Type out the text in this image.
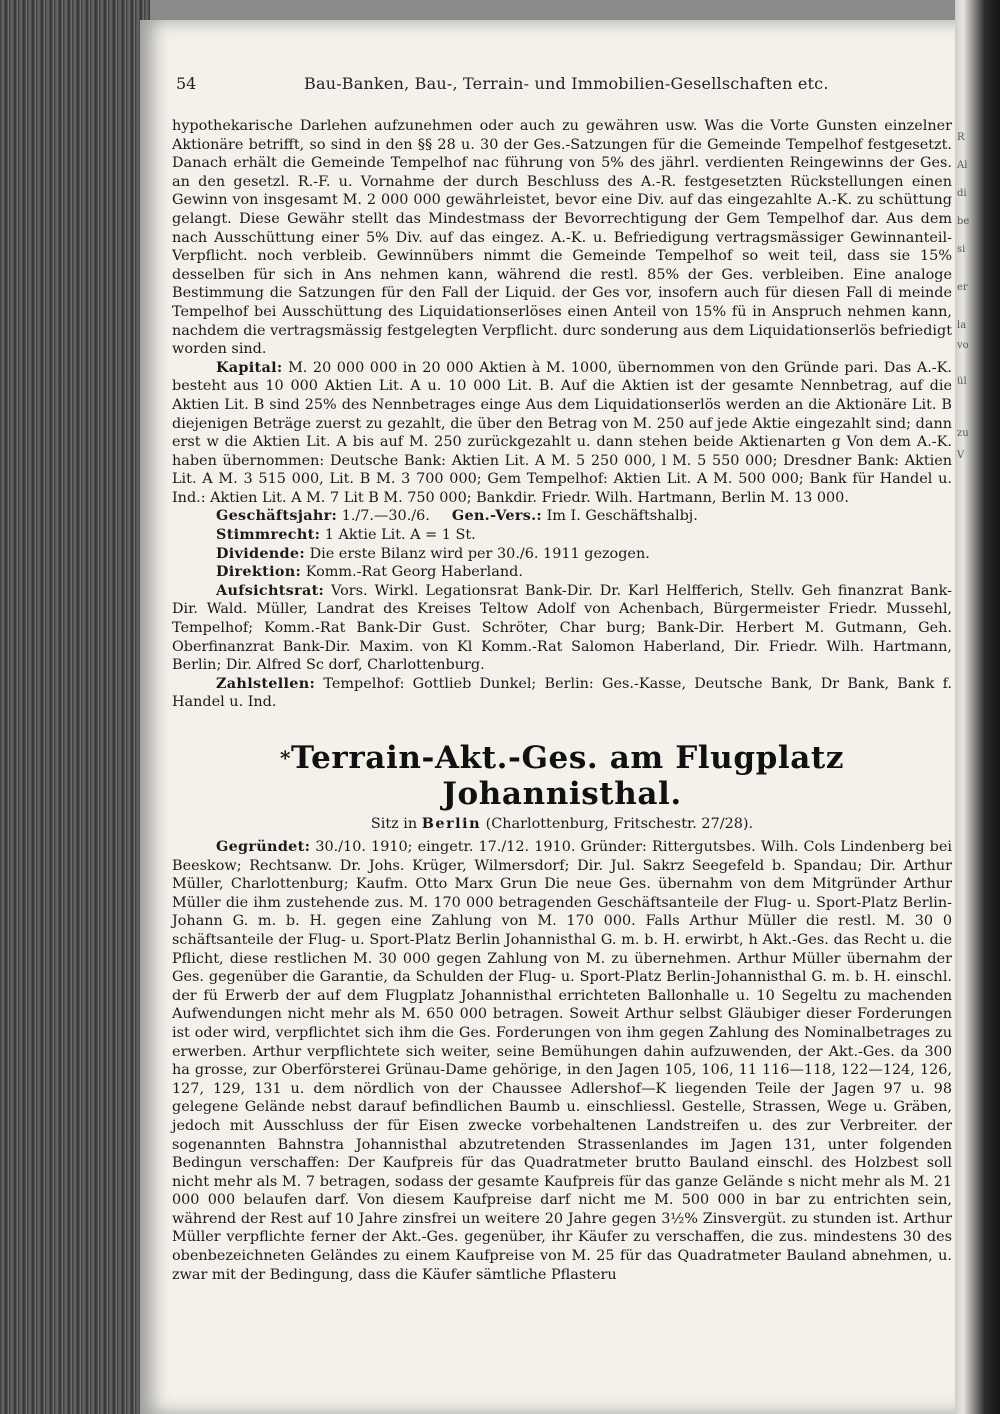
R
Al
di
be
si
er
la
vo
ül
zu
V
54	Bau-Banken, Bau-, Terrain- und Immobilien-Gesellschaften etc.

hypothekarische Darlehen aufzunehmen oder auch zu gewähren usw. Was die Vorte Gunsten einzelner Aktionäre betrifft, so sind in den §§ 28 u. 30 der Ges.-Satzungen für die Gemeinde Tempelhof festgesetzt. Danach erhält die Gemeinde Tempelhof nac führung von 5% des jährl. verdienten Reingewinns der Ges. an den gesetzl. R.-F. u. Vornahme der durch Beschluss des A.-R. festgesetzten Rückstellungen einen Gewinn von insgesamt M. 2 000 000 gewährleistet, bevor eine Div. auf das eingezahlte A.-K. zu schüttung gelangt. Diese Gewähr stellt das Mindestmass der Bevorrechtigung der Gem Tempelhof dar. Aus dem nach Ausschüttung einer 5% Div. auf das eingez. A.-K. u. Befriedigung vertragsmässiger Gewinnanteil-Verpflicht. noch verbleib. Gewinnübers nimmt die Gemeinde Tempelhof so weit teil, dass sie 15% desselben für sich in Ans nehmen kann, während die restl. 85% der Ges. verbleiben. Eine analoge Bestimmung die Satzungen für den Fall der Liquid. der Ges vor, insofern auch für diesen Fall di meinde Tempelhof bei Ausschüttung des Liquidationserlöses einen Anteil von 15% fü in Anspruch nehmen kann, nachdem die vertragsmässig festgelegten Verpflicht. durc sonderung aus dem Liquidationserlös befriedigt worden sind.

Kapital: M. 20 000 000 in 20 000 Aktien à M. 1000, übernommen von den Gründe pari. Das A.-K. besteht aus 10 000 Aktien Lit. A u. 10 000 Lit. B. Auf die Aktien ist der gesamte Nennbetrag, auf die Aktien Lit. B sind 25% des Nennbetrages einge Aus dem Liquidationserlös werden an die Aktionäre Lit. B diejenigen Beträge zuerst zu gezahlt, die über den Betrag von M. 250 auf jede Aktie eingezahlt sind; dann erst w die Aktien Lit. A bis auf M. 250 zurückgezahlt u. dann stehen beide Aktienarten g Von dem A.-K. haben übernommen: Deutsche Bank: Aktien Lit. A M. 5 250 000, l M. 5 550 000; Dresdner Bank: Aktien Lit. A M. 3 515 000, Lit. B M. 3 700 000; Gem Tempelhof: Aktien Lit. A M. 500 000; Bank für Handel u. Ind.: Aktien Lit. A M. 7 Lit B M. 750 000; Bankdir. Friedr. Wilh. Hartmann, Berlin M. 13 000.

Geschäftsjahr: 1./7.—30./6. Gen.-Vers.: Im I. Geschäftshalbj.

Stimmrecht: 1 Aktie Lit. A = 1 St.

Dividende: Die erste Bilanz wird per 30./6. 1911 gezogen.

Direktion: Komm.-Rat Georg Haberland.

Aufsichtsrat: Vors. Wirkl. Legationsrat Bank-Dir. Dr. Karl Helfferich, Stellv. Geh finanzrat Bank-Dir. Wald. Müller, Landrat des Kreises Teltow Adolf von Achenbach, Bürgermeister Friedr. Mussehl, Tempelhof; Komm.-Rat Bank-Dir Gust. Schröter, Char burg; Bank-Dir. Herbert M. Gutmann, Geh. Oberfinanzrat Bank-Dir. Maxim. von Kl Komm.-Rat Salomon Haberland, Dir. Friedr. Wilh. Hartmann, Berlin; Dir. Alfred Sc dorf, Charlottenburg.

Zahlstellen: Tempelhof: Gottlieb Dunkel; Berlin: Ges.-Kasse, Deutsche Bank, Dr Bank, Bank f. Handel u. Ind.

*Terrain-Akt.-Ges. am Flugplatz Johannisthal.
Sitz in Berlin (Charlottenburg, Fritschestr. 27/28).

Gegründet: 30./10. 1910; eingetr. 17./12. 1910. Gründer: Rittergutsbes. Wilh. Cols Lindenberg bei Beeskow; Rechtsanw. Dr. Johs. Krüger, Wilmersdorf; Dir. Jul. Sakrz Seegefeld b. Spandau; Dir. Arthur Müller, Charlottenburg; Kaufm. Otto Marx Grun Die neue Ges. übernahm von dem Mitgründer Arthur Müller die ihm zustehende zus. M. 170 000 betragenden Geschäftsanteile der Flug- u. Sport-Platz Berlin-Johann G. m. b. H. gegen eine Zahlung von M. 170 000. Falls Arthur Müller die restl. M. 30 0 schäftsanteile der Flug- u. Sport-Platz Berlin Johannisthal G. m. b. H. erwirbt, h Akt.-Ges. das Recht u. die Pflicht, diese restlichen M. 30 000 gegen Zahlung von M. zu übernehmen. Arthur Müller übernahm der Ges. gegenüber die Garantie, da Schulden der Flug- u. Sport-Platz Berlin-Johannisthal G. m. b. H. einschl. der fü Erwerb der auf dem Flugplatz Johannisthal errichteten Ballonhalle u. 10 Segeltu zu machenden Aufwendungen nicht mehr als M. 650 000 betragen. Soweit Arthur selbst Gläubiger dieser Forderungen ist oder wird, verpflichtet sich ihm die Ges. Forderungen von ihm gegen Zahlung des Nominalbetrages zu erwerben. Arthur verpflichtete sich weiter, seine Bemühungen dahin aufzuwenden, der Akt.-Ges. da 300 ha grosse, zur Oberförsterei Grünau-Dame gehörige, in den Jagen 105, 106, 11 116—118, 122—124, 126, 127, 129, 131 u. dem nördlich von der Chaussee Adlershof—K liegenden Teile der Jagen 97 u. 98 gelegene Gelände nebst darauf befindlichen Baumb u. einschliessl. Gestelle, Strassen, Wege u. Gräben, jedoch mit Ausschluss der für Eisen zwecke vorbehaltenen Landstreifen u. des zur Verbreiter. der sogenannten Bahnstra Johannisthal abzutretenden Strassenlandes im Jagen 131, unter folgenden Bedingun verschaffen: Der Kaufpreis für das Quadratmeter brutto Bauland einschl. des Holzbest soll nicht mehr als M. 7 betragen, sodass der gesamte Kaufpreis für das ganze Gelände s nicht mehr als M. 21 000 000 belaufen darf. Von diesem Kaufpreise darf nicht me M. 500 000 in bar zu entrichten sein, während der Rest auf 10 Jahre zinsfrei un weitere 20 Jahre gegen 3½% Zinsvergüt. zu stunden ist. Arthur Müller verpflichte ferner der Akt.-Ges. gegenüber, ihr Käufer zu verschaffen, die zus. mindestens 30 des obenbezeichneten Geländes zu einem Kaufpreise von M. 25 für das Quadratmeter Bauland abnehmen, u. zwar mit der Bedingung, dass die Käufer sämtliche Pflasteru
